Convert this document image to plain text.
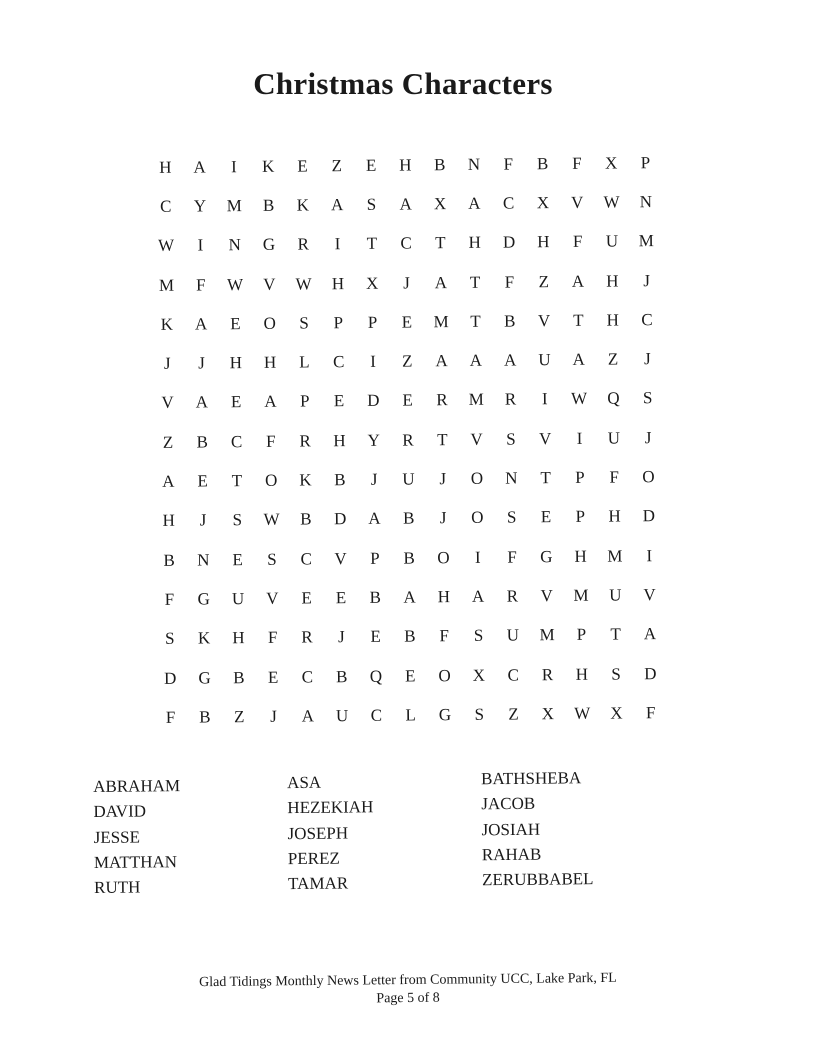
Christmas Characters
H	A	I	K	E	Z	E	H	B	N	F	B	F	X	P
C	Y	M	B	K	A	S	A	X	A	C	X	V	W	N
W	I	N	G	R	I	T	C	T	H	D	H	F	U	M
M	F	W	V	W	H	X	J	A	T	F	Z	A	H	J
K	A	E	O	S	P	P	E	M	T	B	V	T	H	C
J	J	H	H	L	C	I	Z	A	A	A	U	A	Z	J
V	A	E	A	P	E	D	E	R	M	R	I	W	Q	S
Z	B	C	F	R	H	Y	R	T	V	S	V	I	U	J
A	E	T	O	K	B	J	U	J	O	N	T	P	F	O
H	J	S	W	B	D	A	B	J	O	S	E	P	H	D
B	N	E	S	C	V	P	B	O	I	F	G	H	M	I
F	G	U	V	E	E	B	A	H	A	R	V	M	U	V
S	K	H	F	R	J	E	B	F	S	U	M	P	T	A
D	G	B	E	C	B	Q	E	O	X	C	R	H	S	D
F	B	Z	J	A	U	C	L	G	S	Z	X	W	X	F
ABRAHAM
DAVID
JESSE
MATTHAN
RUTH
ASA
HEZEKIAH
JOSEPH
PEREZ
TAMAR
BATHSHEBA
JACOB
JOSIAH
RAHAB
ZERUBBABEL
Glad Tidings Monthly News Letter from Community UCC, Lake Park, FL
Page 5 of 8
